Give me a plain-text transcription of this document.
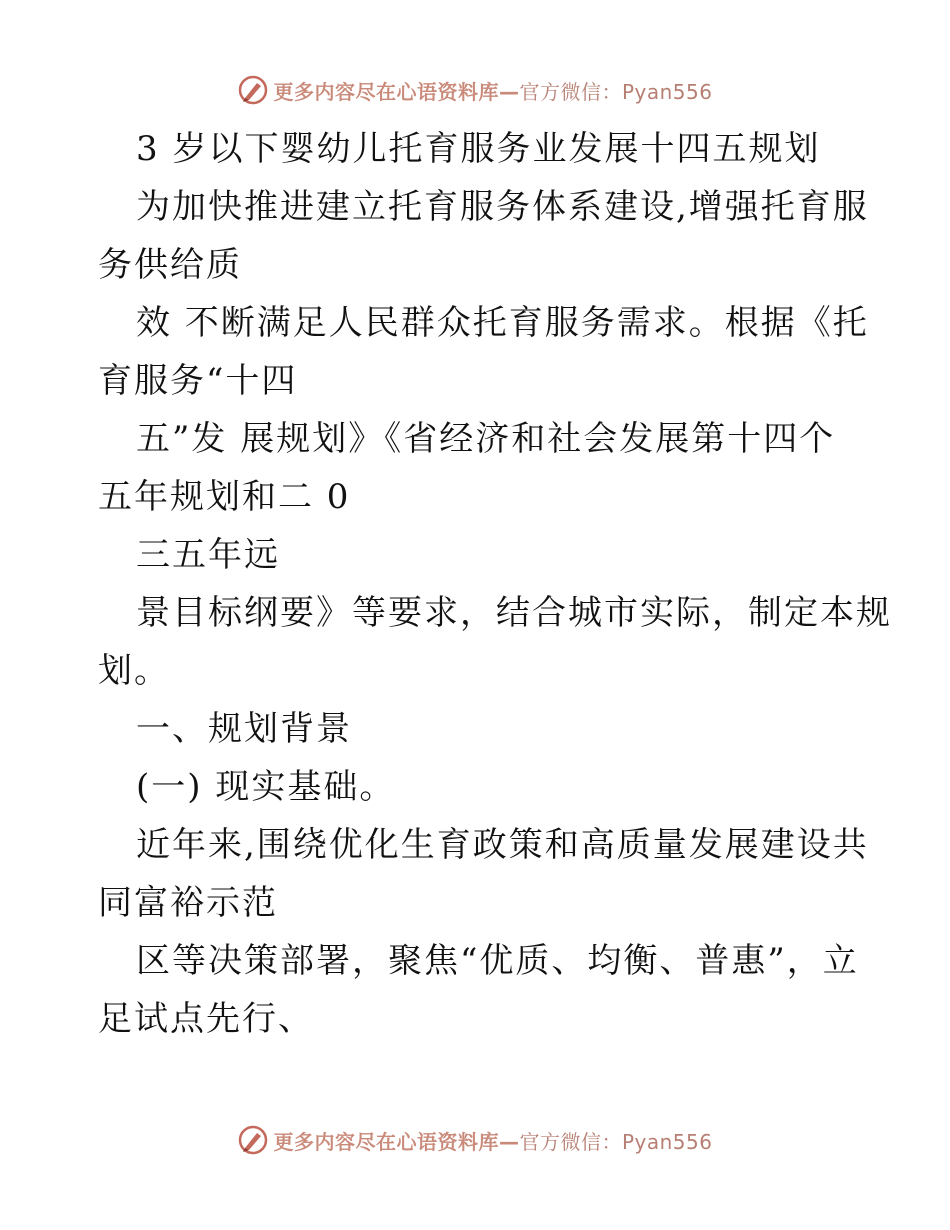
更多内容尽在心语资料库—官方微信：Pyan556
3 岁以下婴幼儿托育服务业发展十四五规划
为加快推进建立托育服务体系建设,增强托育服
务供给质
效 不断满足人民群众托育服务需求。根据《托
育服务“十四
五”发 展规划》《省经济和社会发展第十四个
五年规划和二 0
三五年远
景目标纲要》等要求，结合城市实际，制定本规
划。
一、规划背景
(一) 现实基础。
近年来,围绕优化生育政策和高质量发展建设共
同富裕示范
区等决策部署，聚焦“优质、均衡、普惠”，立
足试点先行、
更多内容尽在心语资料库—官方微信：Pyan556
